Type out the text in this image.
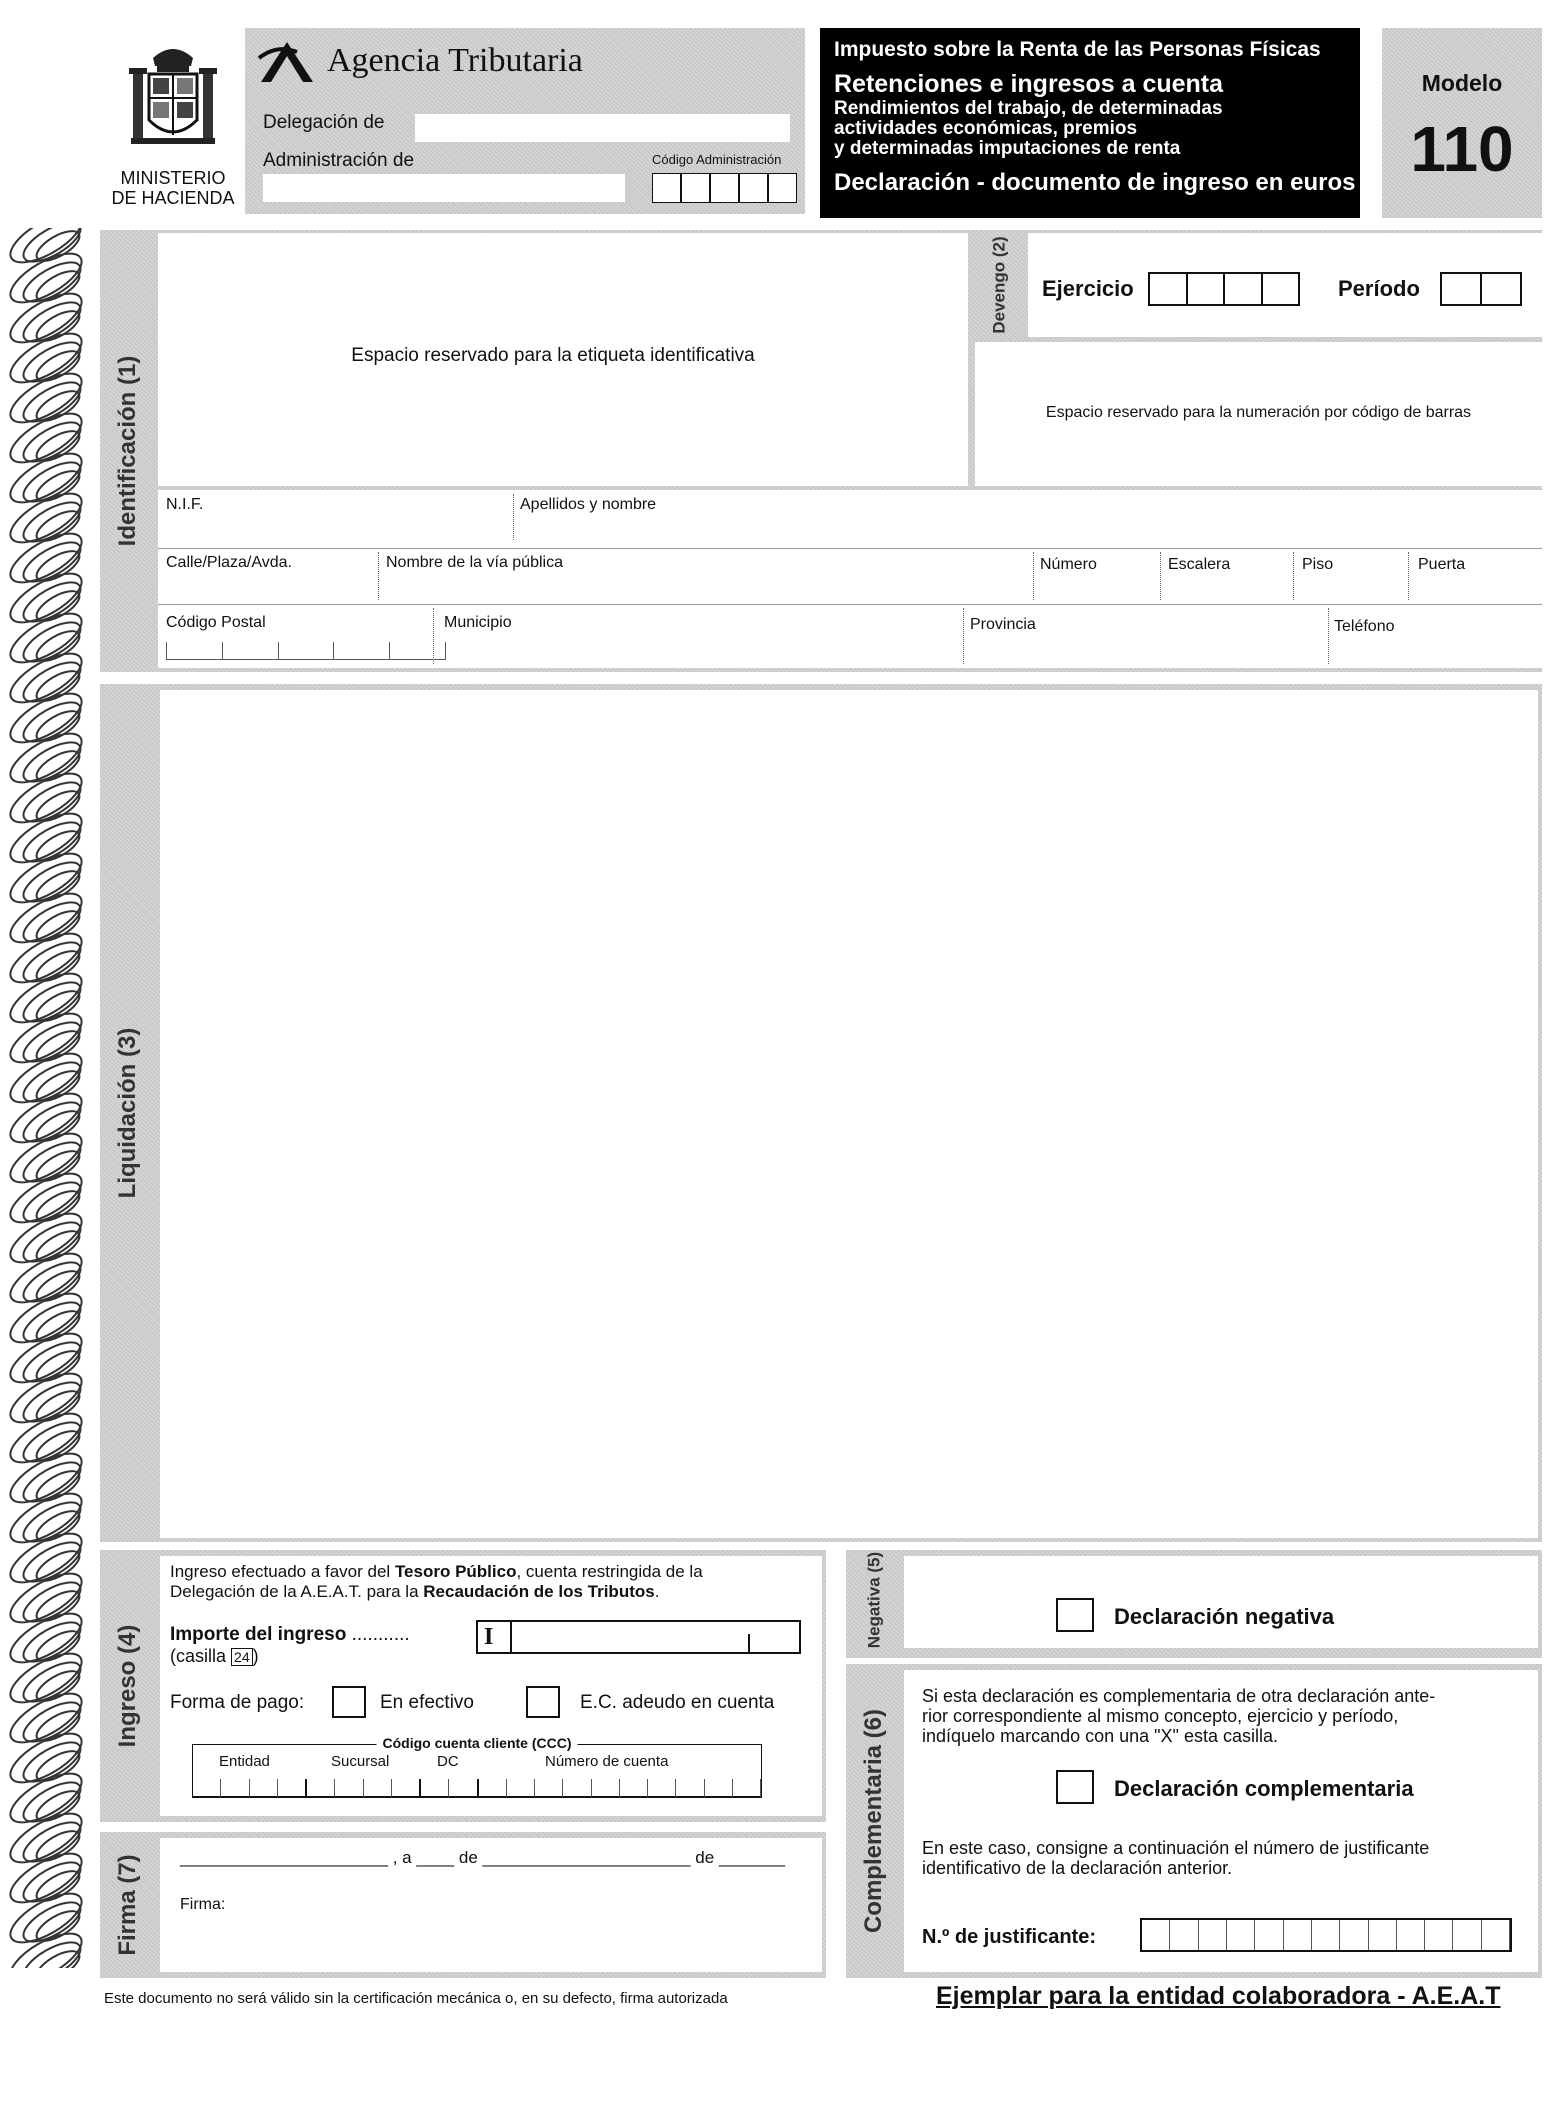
MINISTERIO
DE HACIENDA
Agencia Tributaria
Delegación de
Administración de	Código Administración
Impuesto sobre la Renta de las Personas Físicas
Retenciones e ingresos a cuenta
Rendimientos del trabajo, de determinadas
actividades económicas, premios
y determinadas imputaciones de renta
Declaración - documento de ingreso en euros
Modelo
110
Identificación (1)
Espacio reservado para la etiqueta identificativa
Devengo (2) Ejercicio	Período
Espacio reservado para la numeración por código de barras
N.I.F.	Apellidos y nombre
Calle/Plaza/Avda.	Nombre de la vía pública	Número	Escalera	Piso	Puerta
Código Postal	Municipio	Provincia	Teléfono
Liquidación (3)
Ingreso (4)
Ingreso efectuado a favor del Tesoro Público, cuenta restringida de la
Delegación de la A.E.A.T. para la Recaudación de los Tributos.
Importe del ingreso ...........
(casilla 24 )
I
Forma de pago:	En efectivo	E.C. adeudo en cuenta
Código cuenta cliente (CCC)
Entidad	Sucursal	DC	Número de cuenta
Firma (7) ______________________ , a ____ de ______________________ de _______
Firma:
Negativa (5)	Declaración negativa
Complementaria (6)
Si esta declaración es complementaria de otra declaración ante-
rior correspondiente al mismo concepto, ejercicio y período,
indíquelo marcando con una "X" esta casilla.
Declaración complementaria
En este caso, consigne a continuación el número de justificante
identificativo de la declaración anterior.
N.º de justificante:
Este documento no será válido sin la certificación mecánica o, en su defecto, firma autorizada	Ejemplar para la entidad colaboradora - A.E.A.T
